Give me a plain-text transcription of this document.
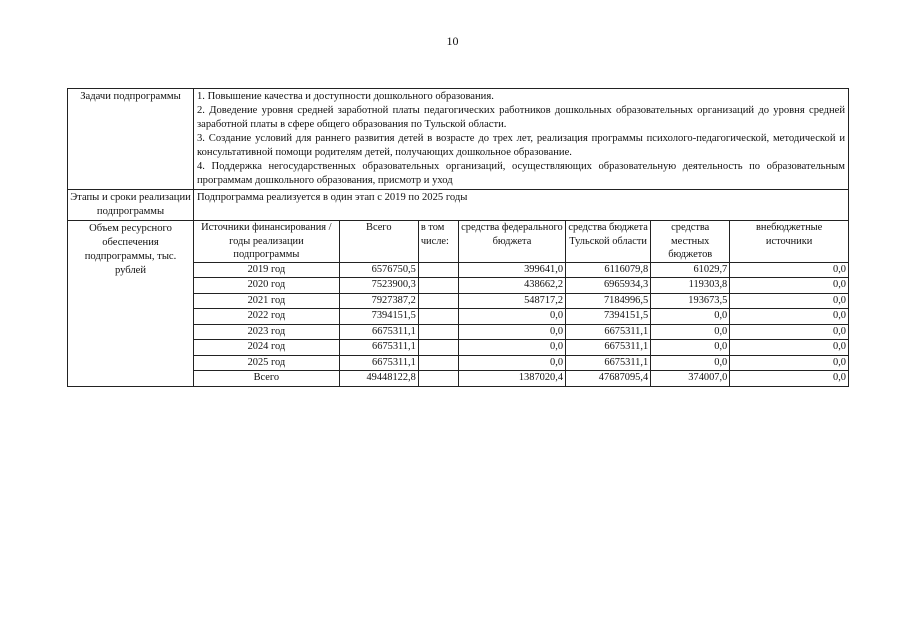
10
Задачи подпрограммы	1. Повышение качества и доступности дошкольного образования.

2. Доведение уровня средней заработной платы педагогических работников дошкольных образовательных организаций до уровня средней заработной платы в сфере общего образования по Тульской области.

3. Создание условий для раннего развития детей в возрасте до трех лет, реализация программы психолого-педагогической, методической и консультативной помощи родителям детей, получающих дошкольное образование.

4. Поддержка негосударственных образовательных организаций, осуществляющих образовательную деятельность по образовательным программам дошкольного образования, присмотр и уход

Этапы и сроки реализации подпрограммы	Подпрограмма реализуется в один этап с 2019 по 2025 годы
Объем ресурсного обеспечения подпрограммы, тыс. рублей	
Источники финансирования / годы реализации подпрограммы	Всего	в том числе:	средства федерального бюджета	средства бюджета Тульской области	средства местных бюджетов	внебюджетные источники
2019 год	6576750,5		399641,0	6116079,8	61029,7	0,0
2020 год	7523900,3		438662,2	6965934,3	119303,8	0,0
2021 год	7927387,2		548717,2	7184996,5	193673,5	0,0
2022 год	7394151,5		0,0	7394151,5	0,0	0,0
2023 год	6675311,1		0,0	6675311,1	0,0	0,0
2024 год	6675311,1		0,0	6675311,1	0,0	0,0
2025 год	6675311,1		0,0	6675311,1	0,0	0,0
Всего	49448122,8		1387020,4	47687095,4	374007,0	0,0
